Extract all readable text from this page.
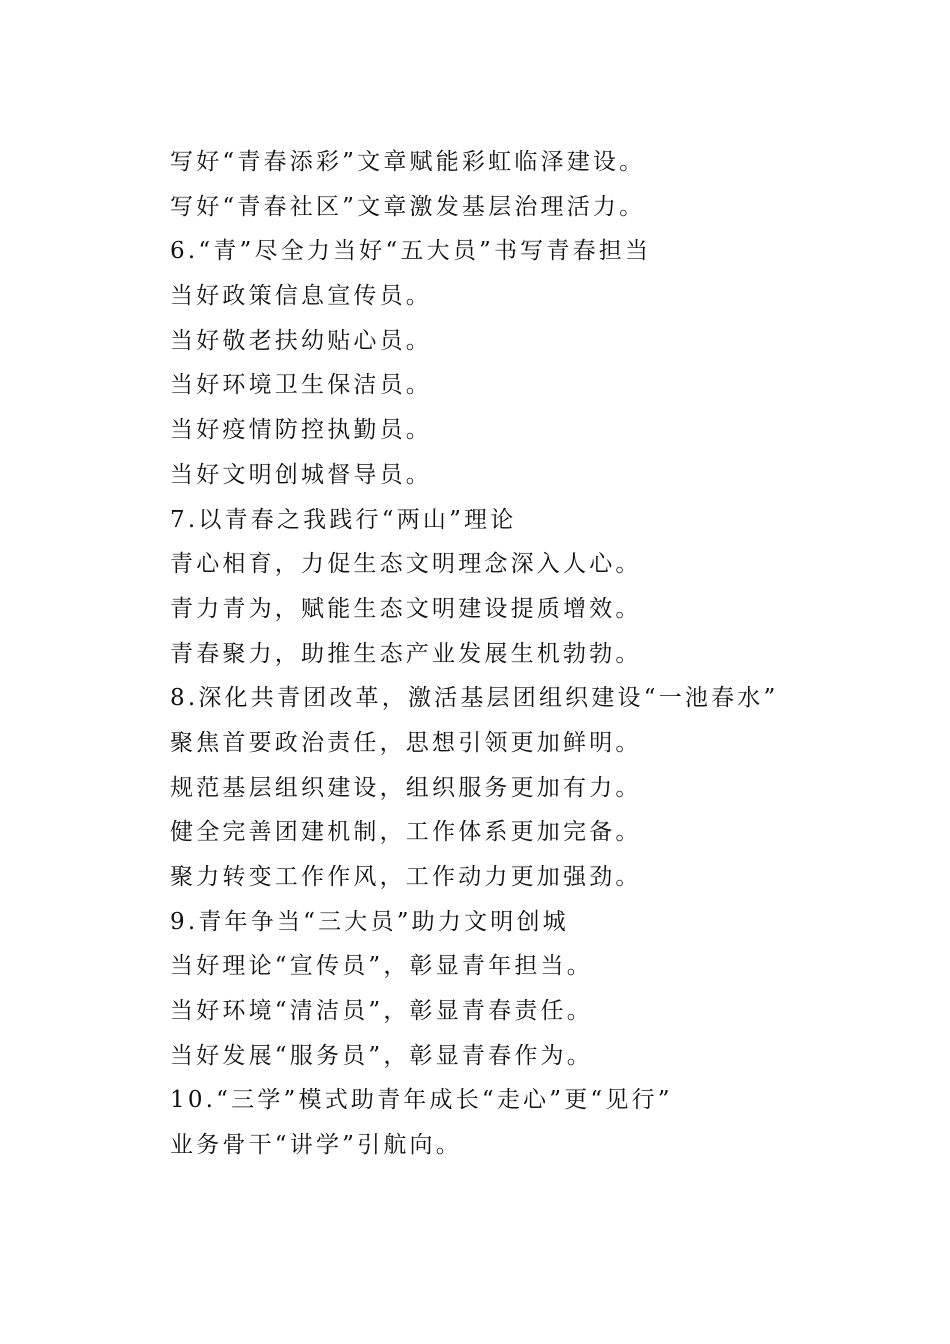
写好“青春添彩”文章赋能彩虹临泽建设。
写好“青春社区”文章激发基层治理活力。
6.“青”尽全力当好“五大员”书写青春担当
当好政策信息宣传员。
当好敬老扶幼贴心员。
当好环境卫生保洁员。
当好疫情防控执勤员。
当好文明创城督导员。
7.以青春之我践行“两山”理论
青心相育，力促生态文明理念深入人心。
青力青为，赋能生态文明建设提质增效。
青春聚力，助推生态产业发展生机勃勃。
8.深化共青团改革，激活基层团组织建设“一池春水”
聚焦首要政治责任，思想引领更加鲜明。
规范基层组织建设，组织服务更加有力。
健全完善团建机制，工作体系更加完备。
聚力转变工作作风，工作动力更加强劲。
9.青年争当“三大员”助力文明创城
当好理论“宣传员”，彰显青年担当。
当好环境“清洁员”，彰显青春责任。
当好发展“服务员”，彰显青春作为。
10.“三学”模式助青年成长“走心”更“见行”
业务骨干“讲学”引航向。
